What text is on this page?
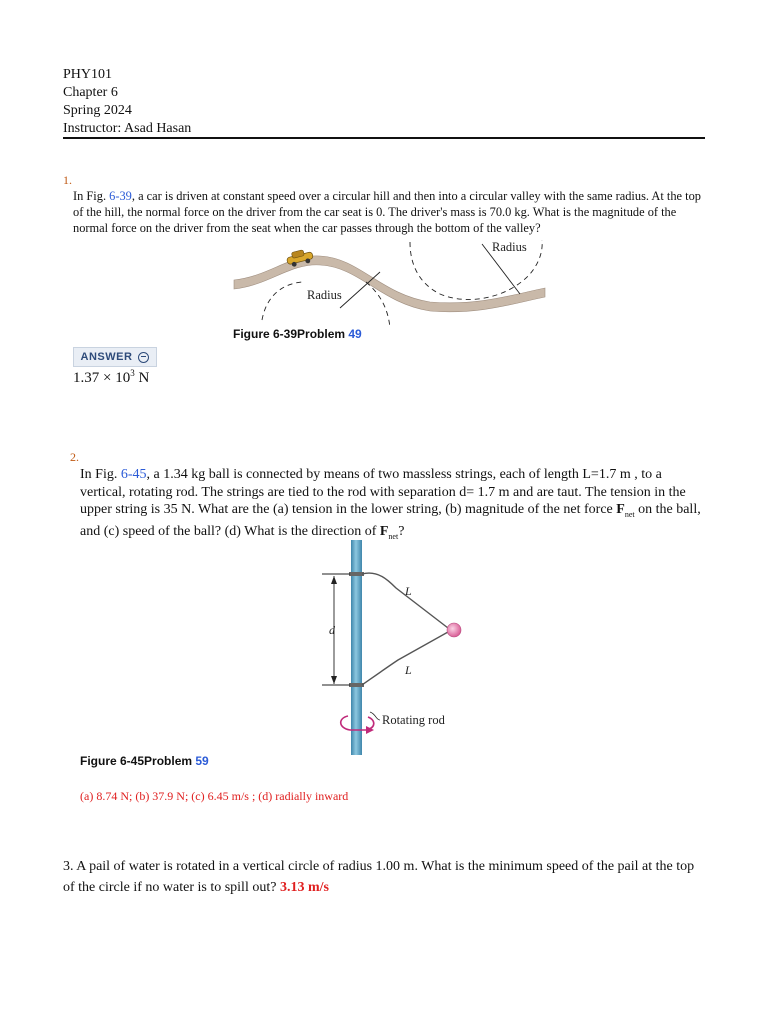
PHY101
Chapter 6
Spring 2024
Instructor: Asad Hasan
1.
In Fig. 6-39, a car is driven at constant speed over a circular hill and then into a circular valley with the same radius. At the top of the hill, the normal force on the driver from the car seat is 0. The driver's mass is 70.0 kg. What is the magnitude of the normal force on the driver from the seat when the car passes through the bottom of the valley?
Radius
Radius
Figure 6-39Problem 49
ANSWER
$1.37 \times 10^3$ N
2.
In Fig. 6-45, a 1.34 kg ball is connected by means of two massless strings, each of length L=1.7 m , to a vertical, rotating rod. The strings are tied to the rod with separation d= 1.7 m and are taut. The tension in the upper string is 35 N. What are the (a) tension in the lower string, (b) magnitude of the net force $F_{net}$ on the ball, and (c) speed of the ball? (d) What is the direction of $F_{net}$?
d
L
L
Rotating rod
Figure 6-45Problem 59
(a) 8.74 N; (b) 37.9 N; (c) 6.45 m/s ; (d) radially inward
3. A pail of water is rotated in a vertical circle of radius 1.00 m. What is the minimum speed of the pail at the top of the circle if no water is to spill out? 3.13 m/s
